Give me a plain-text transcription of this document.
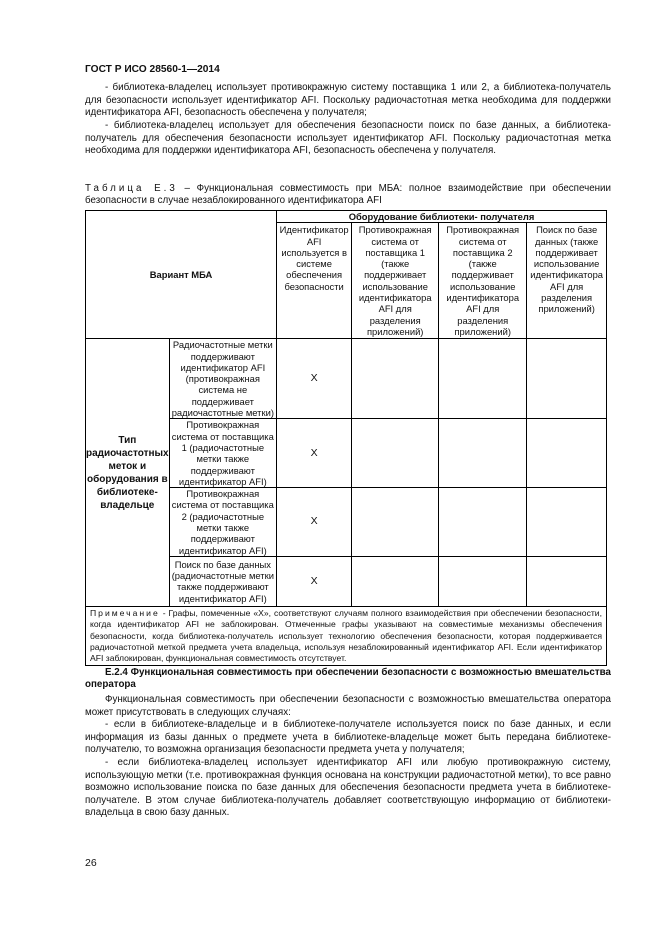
ГОСТ Р ИСО 28560-1—2014

- библиотека-владелец использует противокражную систему поставщика 1 или 2, а библиотека-получатель для безопасности использует идентификатор AFI. Поскольку радиочастотная метка необходима для поддержки идентификатора AFI, безопасность обеспечена у получателя;

- библиотека-владелец использует для обеспечения безопасности поиск по базе данных, а библиотека-получатель для обеспечения безопасности использует идентификатор AFI. Поскольку радиочастотная метка необходима для поддержки идентификатора AFI, безопасность обеспечена у получателя.

Таблица Е.3 – Функциональная совместимость при МБА: полное взаимодействие при обеспечении безопасности в случае незаблокированного идентификатора AFI
Вариант МБА		Оборудование библиотеки- получателя			
		Идентификатор AFI используется в системе обеспечения безопасности	Противокражная система от поставщика 1 (также поддерживает использование идентификатора AFI для разделения приложений)	Противокражная система от поставщика 2 (также поддерживает использование идентификатора AFI для разделения приложений)	Поиск по базе данных (также поддерживает использование идентификатора AFI для разделения приложений)
Тип радиочастотных меток и оборудования в библиотеке-владельце	Радиочастотные метки поддерживают идентификатор AFI (противокражная система не поддерживает радиочастотные метки)	X			
	Противокражная система от поставщика 1 (радиочастотные метки также поддерживают идентификатор AFI)	X			
	Противокражная система от поставщика 2 (радиочастотные метки также поддерживают идентификатор AFI)	X			
	Поиск по базе данных (радиочастотные метки также поддерживают идентификатор AFI)	X			
Примечание - Графы, помеченные «Х», соответствуют случаям полного взаимодействия при обеспечении безопасности, когда идентификатор AFI не заблокирован. Отмеченные графы указывают на совместимые механизмы обеспечения безопасности, когда библиотека-получатель использует технологию обеспечения безопасности, которая поддерживается радиочастотной меткой предмета учета владельца, используя незаблокированный идентификатор AFI. Если идентификатор AFI заблокирован, функциональная совместимость отсутствует.					
Е.2.4 Функциональная совместимость при обеспечении безопасности с возможностью вмешательства оператора

Функциональная совместимость при обеспечении безопасности с возможностью вмешательства оператора может присутствовать в следующих случаях:

- если в библиотеке-владельце и в библиотеке-получателе используется поиск по базе данных, и если информация из базы данных о предмете учета в библиотеке-владельце может быть передана библиотеке-получателю, то возможна организация безопасности предмета учета у получателя;

- если библиотека-владелец использует идентификатор AFI или любую противокражную систему, использующую метки (т.е. противокражная функция основана на конструкции радиочастотной метки), то все равно возможно использование поиска по базе данных для обеспечения безопасности предмета учета в библиотеке-получателе. В этом случае библиотека-получатель добавляет соответствующую информацию от библиотеки-владельца в свою базу данных.

26
